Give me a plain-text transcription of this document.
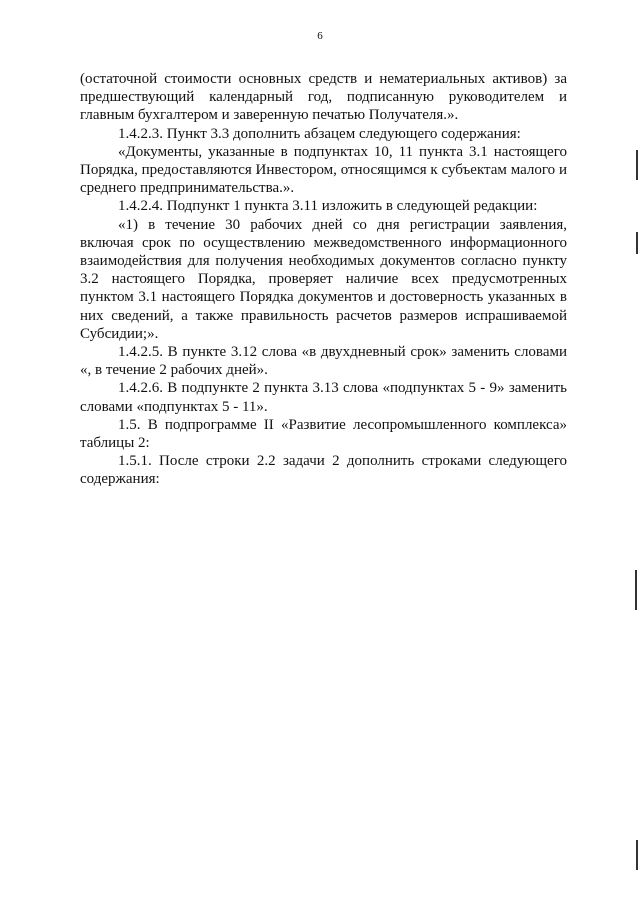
6

(остаточной стоимости основных средств и нематериальных активов) за предшествующий календарный год, подписанную руководителем и главным бухгалтером и заверенную печатью Получателя.».

1.4.2.3. Пункт 3.3 дополнить абзацем следующего содержания:

«Документы, указанные в подпунктах 10, 11 пункта 3.1 настоящего Порядка, предоставляются Инвестором, относящимся к субъектам малого и среднего предпринимательства.».

1.4.2.4. Подпункт 1 пункта 3.11 изложить в следующей редакции:

«1) в течение 30 рабочих дней со дня регистрации заявления, включая срок по осуществлению межведомственного информационного взаимодействия для получения необходимых документов согласно пункту 3.2 настоящего Порядка, проверяет наличие всех предусмотренных пунктом 3.1 настоящего Порядка документов и достоверность указанных в них сведений, а также правильность расчетов размеров испрашиваемой Субсидии;».

1.4.2.5. В пункте 3.12 слова «в двухдневный срок» заменить словами «, в течение 2 рабочих дней».

1.4.2.6. В подпункте 2 пункта 3.13 слова «подпунктах 5 - 9» заменить словами «подпунктах 5 - 11».

1.5. В подпрограмме II «Развитие лесопромышленного комплекса» таблицы 2:

1.5.1. После строки 2.2 задачи 2 дополнить строками следующего содержания:
